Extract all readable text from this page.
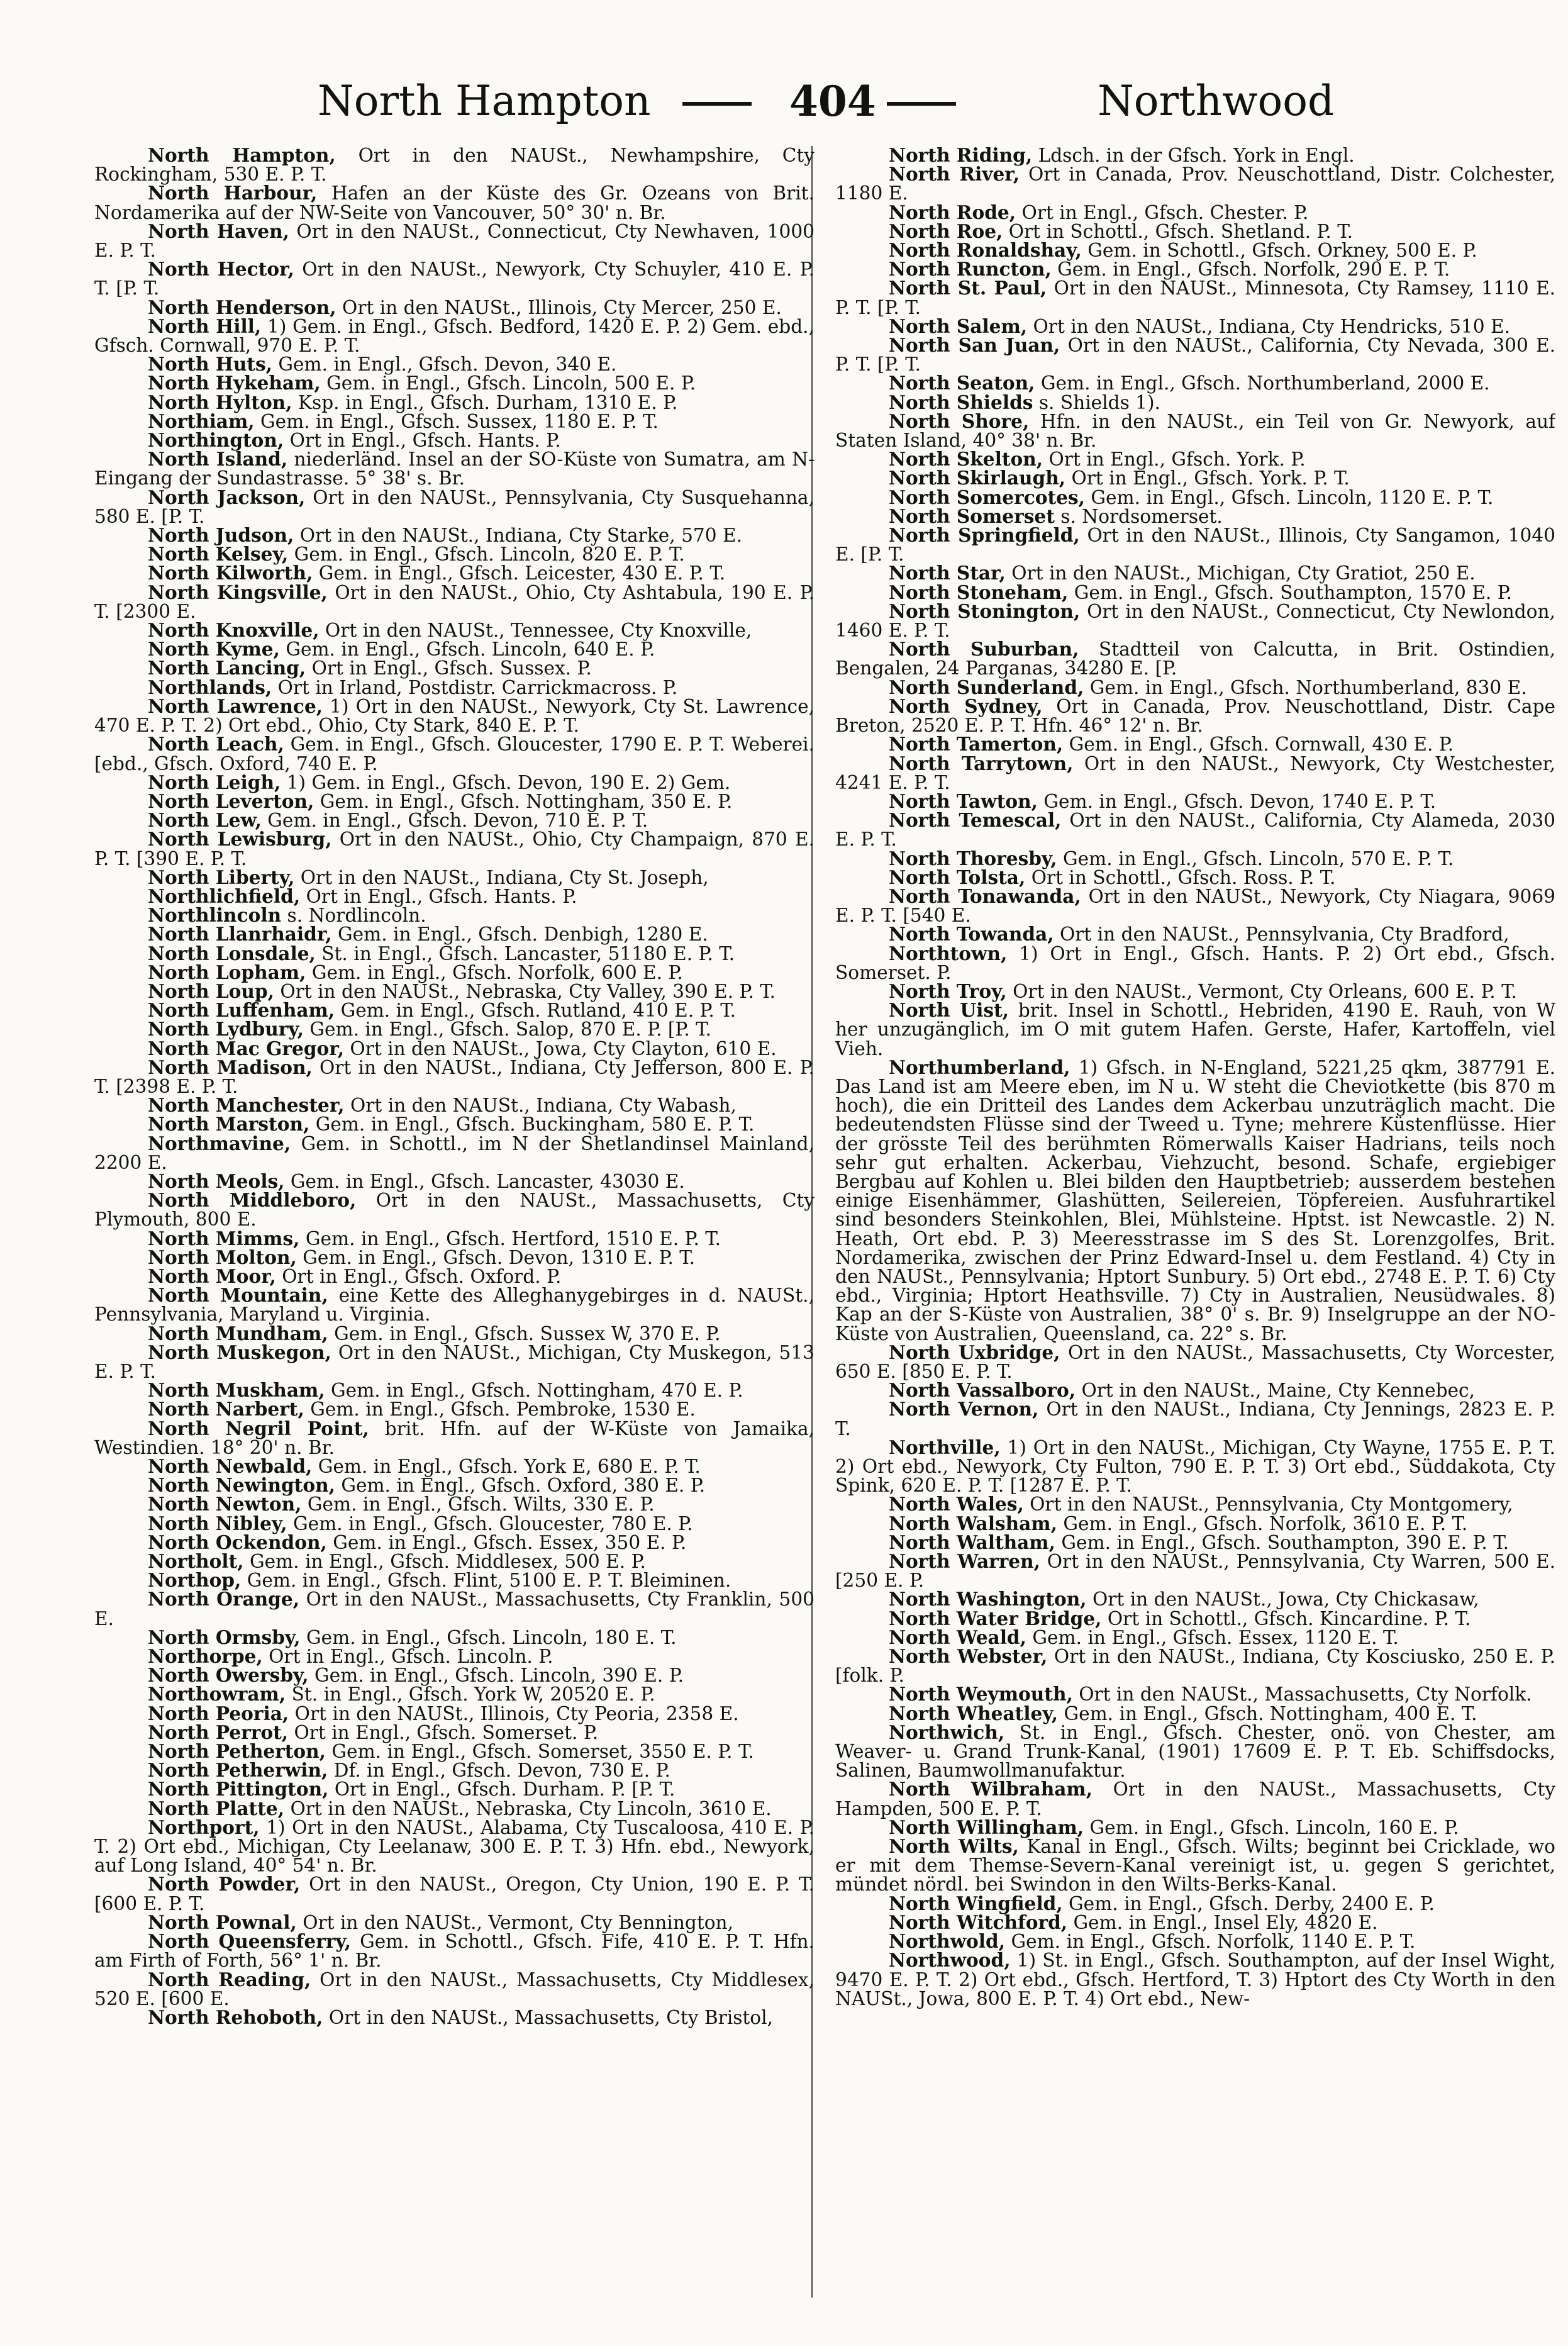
North Hampton	404	Northwood

North Hampton, Ort in den NAUSt., Newhampshire, Cty Rockingham, 530 E. P. T.

North Harbour, Hafen an der Küste des Gr. Ozeans von Brit. Nordamerika auf der NW-Seite von Vancouver, 50° 30' n. Br.

North Haven, Ort in den NAUSt., Connecticut, Cty Newhaven, 1000 E. P. T.

North Hector, Ort in den NAUSt., Newyork, Cty Schuyler, 410 E. P. T. [P. T.

North Henderson, Ort in den NAUSt., Illinois, Cty Mercer, 250 E.

North Hill, 1) Gem. in Engl., Gfsch. Bedford, 1420 E. P. 2) Gem. ebd., Gfsch. Cornwall, 970 E. P. T.

North Huts, Gem. in Engl., Gfsch. Devon, 340 E.

North Hykeham, Gem. in Engl., Gfsch. Lincoln, 500 E. P.

North Hylton, Ksp. in Engl., Gfsch. Durham, 1310 E. P.

Northiam, Gem. in Engl., Gfsch. Sussex, 1180 E. P. T.

Northington, Ort in Engl., Gfsch. Hants. P.

North Island, niederländ. Insel an der SO-Küste von Sumatra, am N-Eingang der Sundastrasse. 5° 38' s. Br.

North Jackson, Ort in den NAUSt., Pennsylvania, Cty Susquehanna, 580 E. [P. T.

North Judson, Ort in den NAUSt., Indiana, Cty Starke, 570 E.

North Kelsey, Gem. in Engl., Gfsch. Lincoln, 820 E. P. T.

North Kilworth, Gem. in Engl., Gfsch. Leicester, 430 E. P. T.

North Kingsville, Ort in den NAUSt., Ohio, Cty Ashtabula, 190 E. P. T. [2300 E.

North Knoxville, Ort in den NAUSt., Tennessee, Cty Knoxville,

North Kyme, Gem. in Engl., Gfsch. Lincoln, 640 E. P.

North Lancing, Ort in Engl., Gfsch. Sussex. P.

Northlands, Ort in Irland, Postdistr. Carrickmacross. P.

North Lawrence, 1) Ort in den NAUSt., Newyork, Cty St. Lawrence, 470 E. P. T. 2) Ort ebd., Ohio, Cty Stark, 840 E. P. T.

North Leach, Gem. in Engl., Gfsch. Gloucester, 1790 E. P. T. Weberei. [ebd., Gfsch. Oxford, 740 E. P.

North Leigh, 1) Gem. in Engl., Gfsch. Devon, 190 E. 2) Gem.

North Leverton, Gem. in Engl., Gfsch. Nottingham, 350 E. P.

North Lew, Gem. in Engl., Gfsch. Devon, 710 E. P. T.

North Lewisburg, Ort in den NAUSt., Ohio, Cty Champaign, 870 E. P. T. [390 E. P. T.

North Liberty, Ort in den NAUSt., Indiana, Cty St. Joseph,

Northlichfield, Ort in Engl., Gfsch. Hants. P.

Northlincoln s. Nordlincoln.

North Llanrhaidr, Gem. in Engl., Gfsch. Denbigh, 1280 E.

North Lonsdale, St. in Engl., Gfsch. Lancaster, 51180 E. P. T.

North Lopham, Gem. in Engl., Gfsch. Norfolk, 600 E. P.

North Loup, Ort in den NAUSt., Nebraska, Cty Valley, 390 E. P. T.

North Luffenham, Gem. in Engl., Gfsch. Rutland, 410 E. P. T.

North Lydbury, Gem. in Engl., Gfsch. Salop, 870 E. P. [P. T.

North Mac Gregor, Ort in den NAUSt., Jowa, Cty Clayton, 610 E.

North Madison, Ort in den NAUSt., Indiana, Cty Jefferson, 800 E. P. T. [2398 E. P. T.

North Manchester, Ort in den NAUSt., Indiana, Cty Wabash,

North Marston, Gem. in Engl., Gfsch. Buckingham, 580 E. P. T.

Northmavine, Gem. in Schottl., im N der Shetlandinsel Mainland, 2200 E.

North Meols, Gem. in Engl., Gfsch. Lancaster, 43030 E.

North Middleboro, Ort in den NAUSt., Massachusetts, Cty Plymouth, 800 E.

North Mimms, Gem. in Engl., Gfsch. Hertford, 1510 E. P. T.

North Molton, Gem. in Engl., Gfsch. Devon, 1310 E. P. T.

North Moor, Ort in Engl., Gfsch. Oxford. P.

North Mountain, eine Kette des Alleghanygebirges in d. NAUSt., Pennsylvania, Maryland u. Virginia.

North Mundham, Gem. in Engl., Gfsch. Sussex W, 370 E. P.

North Muskegon, Ort in den NAUSt., Michigan, Cty Muskegon, 513 E. P. T.

North Muskham, Gem. in Engl., Gfsch. Nottingham, 470 E. P.

North Narbert, Gem. in Engl., Gfsch. Pembroke, 1530 E.

North Negril Point, brit. Hfn. auf der W-Küste von Jamaika, Westindien. 18° 20' n. Br.

North Newbald, Gem. in Engl., Gfsch. York E, 680 E. P. T.

North Newington, Gem. in Engl., Gfsch. Oxford, 380 E. P.

North Newton, Gem. in Engl., Gfsch. Wilts, 330 E. P.

North Nibley, Gem. in Engl., Gfsch. Gloucester, 780 E. P.

North Ockendon, Gem. in Engl., Gfsch. Essex, 350 E. P.

Northolt, Gem. in Engl., Gfsch. Middlesex, 500 E. P.

Northop, Gem. in Engl., Gfsch. Flint, 5100 E. P. T. Bleiminen.

North Orange, Ort in den NAUSt., Massachusetts, Cty Franklin, 500 E.

North Ormsby, Gem. in Engl., Gfsch. Lincoln, 180 E. T.

Northorpe, Ort in Engl., Gfsch. Lincoln. P.

North Owersby, Gem. in Engl., Gfsch. Lincoln, 390 E. P.

Northowram, St. in Engl., Gfsch. York W, 20520 E. P.

North Peoria, Ort in den NAUSt., Illinois, Cty Peoria, 2358 E.

North Perrot, Ort in Engl., Gfsch. Somerset. P.

North Petherton, Gem. in Engl., Gfsch. Somerset, 3550 E. P. T.

North Petherwin, Df. in Engl., Gfsch. Devon, 730 E. P.

North Pittington, Ort in Engl., Gfsch. Durham. P. [P. T.

North Platte, Ort in den NAUSt., Nebraska, Cty Lincoln, 3610 E.

Northport, 1) Ort in den NAUSt., Alabama, Cty Tuscaloosa, 410 E. P. T. 2) Ort ebd., Michigan, Cty Leelanaw, 300 E. P. T. 3) Hfn. ebd., Newyork, auf Long Island, 40° 54' n. Br.

North Powder, Ort in den NAUSt., Oregon, Cty Union, 190 E. P. T. [600 E. P. T.

North Pownal, Ort in den NAUSt., Vermont, Cty Bennington,

North Queensferry, Gem. in Schottl., Gfsch. Fife, 410 E. P. T. Hfn. am Firth of Forth, 56° 1' n. Br.

North Reading, Ort in den NAUSt., Massachusetts, Cty Middlesex, 520 E. [600 E.

North Rehoboth, Ort in den NAUSt., Massachusetts, Cty Bristol,

North Riding, Ldsch. in der Gfsch. York in Engl.

North River, Ort in Canada, Prov. Neuschottland, Distr. Colchester, 1180 E.

North Rode, Ort in Engl., Gfsch. Chester. P.

North Roe, Ort in Schottl., Gfsch. Shetland. P. T.

North Ronaldshay, Gem. in Schottl., Gfsch. Orkney, 500 E. P.

North Runcton, Gem. in Engl., Gfsch. Norfolk, 290 E. P. T.

North St. Paul, Ort in den NAUSt., Minnesota, Cty Ramsey, 1110 E. P. T. [P. T.

North Salem, Ort in den NAUSt., Indiana, Cty Hendricks, 510 E.

North San Juan, Ort in den NAUSt., California, Cty Nevada, 300 E. P. T. [P. T.

North Seaton, Gem. in Engl., Gfsch. Northumberland, 2000 E.

North Shields s. Shields 1).

North Shore, Hfn. in den NAUSt., ein Teil von Gr. Newyork, auf Staten Island, 40° 38' n. Br.

North Skelton, Ort in Engl., Gfsch. York. P.

North Skirlaugh, Ort in Engl., Gfsch. York. P. T.

North Somercotes, Gem. in Engl., Gfsch. Lincoln, 1120 E. P. T.

North Somerset s. Nordsomerset.

North Springfield, Ort in den NAUSt., Illinois, Cty Sangamon, 1040 E. [P. T.

North Star, Ort in den NAUSt., Michigan, Cty Gratiot, 250 E.

North Stoneham, Gem. in Engl., Gfsch. Southampton, 1570 E. P.

North Stonington, Ort in den NAUSt., Connecticut, Cty Newlondon, 1460 E. P. T.

North Suburban, Stadtteil von Calcutta, in Brit. Ostindien, Bengalen, 24 Parganas, 34280 E. [P.

North Sunderland, Gem. in Engl., Gfsch. Northumberland, 830 E.

North Sydney, Ort in Canada, Prov. Neuschottland, Distr. Cape Breton, 2520 E. P. T. Hfn. 46° 12' n. Br.

North Tamerton, Gem. in Engl., Gfsch. Cornwall, 430 E. P.

North Tarrytown, Ort in den NAUSt., Newyork, Cty Westchester, 4241 E. P. T.

North Tawton, Gem. in Engl., Gfsch. Devon, 1740 E. P. T.

North Temescal, Ort in den NAUSt., California, Cty Alameda, 2030 E. P. T.

North Thoresby, Gem. in Engl., Gfsch. Lincoln, 570 E. P. T.

North Tolsta, Ort in Schottl., Gfsch. Ross. P. T.

North Tonawanda, Ort in den NAUSt., Newyork, Cty Niagara, 9069 E. P. T. [540 E.

North Towanda, Ort in den NAUSt., Pennsylvania, Cty Bradford,

Northtown, 1) Ort in Engl., Gfsch. Hants. P. 2) Ort ebd., Gfsch. Somerset. P.

North Troy, Ort in den NAUSt., Vermont, Cty Orleans, 600 E. P. T.

North Uist, brit. Insel in Schottl., Hebriden, 4190 E. Rauh, von W her unzugänglich, im O mit gutem Hafen. Gerste, Hafer, Kartoffeln, viel Vieh.

Northumberland, 1) Gfsch. in N-England, 5221,25 qkm, 387791 E. Das Land ist am Meere eben, im N u. W steht die Cheviotkette (bis 870 m hoch), die ein Dritteil des Landes dem Ackerbau unzuträglich macht. Die bedeutendsten Flüsse sind der Tweed u. Tyne; mehrere Küstenflüsse. Hier der grösste Teil des berühmten Römerwalls Kaiser Hadrians, teils noch sehr gut erhalten. Ackerbau, Viehzucht, besond. Schafe, ergiebiger Bergbau auf Kohlen u. Blei bilden den Hauptbetrieb; ausserdem bestehen einige Eisenhämmer, Glashütten, Seilereien, Töpfereien. Ausfuhrartikel sind besonders Steinkohlen, Blei, Mühlsteine. Hptst. ist Newcastle. 2) N. Heath, Ort ebd. P. 3) Meeresstrasse im S des St. Lorenzgolfes, Brit. Nordamerika, zwischen der Prinz Edward-Insel u. dem Festland. 4) Cty in den NAUSt., Pennsylvania; Hptort Sunbury. 5) Ort ebd., 2748 E. P. T. 6) Cty ebd., Virginia; Hptort Heathsville. 7) Cty in Australien, Neusüdwales. 8) Kap an der S-Küste von Australien, 38° 0' s. Br. 9) Inselgruppe an der NO-Küste von Australien, Queensland, ca. 22° s. Br.

North Uxbridge, Ort in den NAUSt., Massachusetts, Cty Worcester, 650 E. [850 E. P. T.

North Vassalboro, Ort in den NAUSt., Maine, Cty Kennebec,

North Vernon, Ort in den NAUSt., Indiana, Cty Jennings, 2823 E. P. T.

Northville, 1) Ort in den NAUSt., Michigan, Cty Wayne, 1755 E. P. T. 2) Ort ebd., Newyork, Cty Fulton, 790 E. P. T. 3) Ort ebd., Süddakota, Cty Spink, 620 E. P. T. [1287 E. P. T.

North Wales, Ort in den NAUSt., Pennsylvania, Cty Montgomery,

North Walsham, Gem. in Engl., Gfsch. Norfolk, 3610 E. P. T.

North Waltham, Gem. in Engl., Gfsch. Southampton, 390 E. P. T.

North Warren, Ort in den NAUSt., Pennsylvania, Cty Warren, 500 E. [250 E. P.

North Washington, Ort in den NAUSt., Jowa, Cty Chickasaw,

North Water Bridge, Ort in Schottl., Gfsch. Kincardine. P. T.

North Weald, Gem. in Engl., Gfsch. Essex, 1120 E. T.

North Webster, Ort in den NAUSt., Indiana, Cty Kosciusko, 250 E. P. [folk. P.

North Weymouth, Ort in den NAUSt., Massachusetts, Cty Norfolk.

North Wheatley, Gem. in Engl., Gfsch. Nottingham, 400 E. T.

Northwich, St. in Engl., Gfsch. Chester, onö. von Chester, am Weaver- u. Grand Trunk-Kanal, (1901) 17609 E. P. T. Eb. Schiffsdocks, Salinen, Baumwollmanufaktur.

North Wilbraham, Ort in den NAUSt., Massachusetts, Cty Hampden, 500 E. P. T.

North Willingham, Gem. in Engl., Gfsch. Lincoln, 160 E. P.

North Wilts, Kanal in Engl., Gfsch. Wilts; beginnt bei Cricklade, wo er mit dem Themse-Severn-Kanal vereinigt ist, u. gegen S gerichtet, mündet nördl. bei Swindon in den Wilts-Berks-Kanal.

North Wingfield, Gem. in Engl., Gfsch. Derby, 2400 E. P.

North Witchford, Gem. in Engl., Insel Ely, 4820 E.

Northwold, Gem. in Engl., Gfsch. Norfolk, 1140 E. P. T.

Northwood, 1) St. in Engl., Gfsch. Southampton, auf der Insel Wight, 9470 E. P. T. 2) Ort ebd., Gfsch. Hertford, T. 3) Hptort des Cty Worth in den NAUSt., Jowa, 800 E. P. T. 4) Ort ebd., New-
